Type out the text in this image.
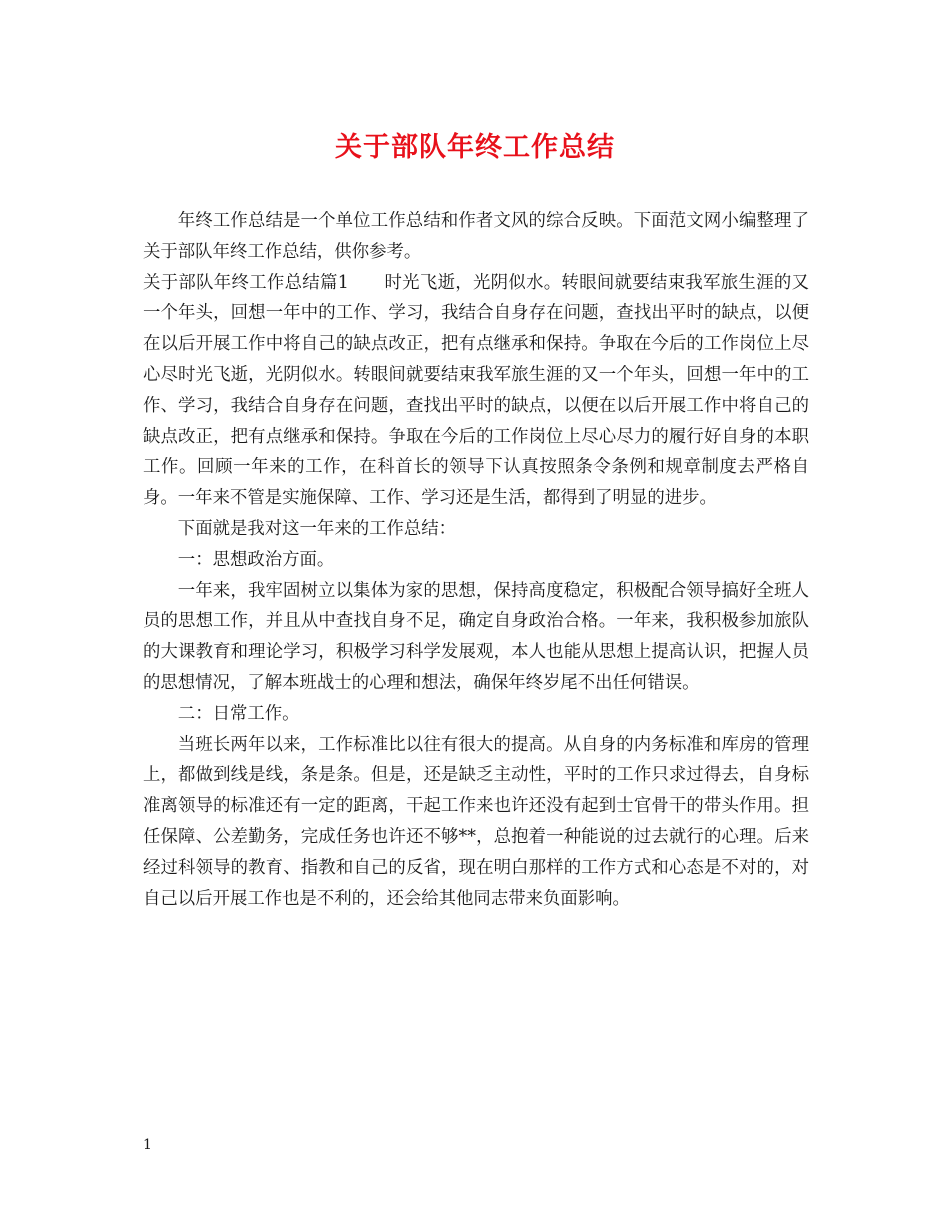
关于部队年终工作总结

年终工作总结是一个单位工作总结和作者文风的综合反映。下面范文网小编整理了关于部队年终工作总结，供你参考。

关于部队年终工作总结篇1　　时光飞逝，光阴似水。转眼间就要结束我军旅生涯的又一个年头，回想一年中的工作、学习，我结合自身存在问题，查找出平时的缺点，以便在以后开展工作中将自己的缺点改正，把有点继承和保持。争取在今后的工作岗位上尽心尽时光飞逝，光阴似水。转眼间就要结束我军旅生涯的又一个年头，回想一年中的工作、学习，我结合自身存在问题，查找出平时的缺点，以便在以后开展工作中将自己的缺点改正，把有点继承和保持。争取在今后的工作岗位上尽心尽力的履行好自身的本职工作。回顾一年来的工作，在科首长的领导下认真按照条令条例和规章制度去严格自身。一年来不管是实施保障、工作、学习还是生活，都得到了明显的进步。

下面就是我对这一年来的工作总结：

一：思想政治方面。

一年来，我牢固树立以集体为家的思想，保持高度稳定，积极配合领导搞好全班人员的思想工作，并且从中查找自身不足，确定自身政治合格。一年来，我积极参加旅队的大课教育和理论学习，积极学习科学发展观，本人也能从思想上提高认识，把握人员的思想情况，了解本班战士的心理和想法，确保年终岁尾不出任何错误。

二：日常工作。

当班长两年以来，工作标准比以往有很大的提高。从自身的内务标准和库房的管理上，都做到线是线，条是条。但是，还是缺乏主动性，平时的工作只求过得去，自身标准离领导的标准还有一定的距离，干起工作来也许还没有起到士官骨干的带头作用。担任保障、公差勤务，完成任务也许还不够**，总抱着一种能说的过去就行的心理。后来经过科领导的教育、指教和自己的反省，现在明白那样的工作方式和心态是不对的，对自己以后开展工作也是不利的，还会给其他同志带来负面影响。

1
